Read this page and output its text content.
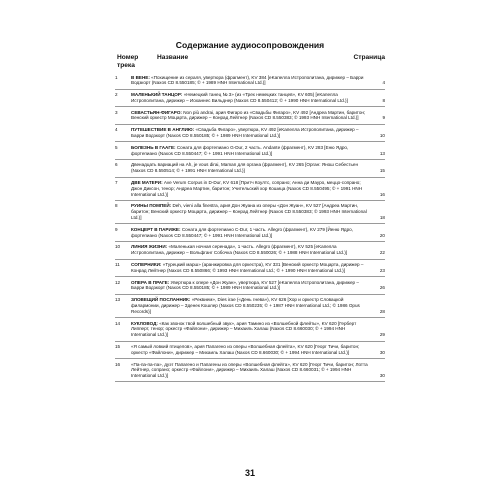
Содержание аудиосопровождения
Номер
трека
Название	Страница
1	В ВЕНЕ: «Похищение из сераля, увертюра (фрагмент), KV 384 [eKапелла Истрополитана, дирижер – Барри Водзкорт (Naxos CD 8.550185; © + 1989 HNH International Ltd.)]	4
2	МАЛЕНЬКИЙ ТАНЦОР: «Немецкий танец № 3» (из «Трех немецких танцев», KV 605) [eKапелла Истрополитана, дирижер – Иоханнес Вильднер (Naxos CD 8.550412; © + 1990 HNH International Ltd.)]	8
3	СЕВАСТЬЯН-ФИГАРО: Non più andrai, ария Фигаро из «Свадьбы Фигаро», KV 492 [Андреа Мартин, баритон; Венский оркестр Моцарта, дирижер – Конрад Лейтнер (Naxos CD 8.550383; © 1993 HNH International Ltd.)]	9
4	ПУТЕШЕСТВИЕ В АНГЛИЮ: «Свадьба Фигаро», увертюра, KV 492 [eKапелла Истрополитана, дирижер – Барри Водзкорт (Naxos CD 8.550185; © + 1989 HNH International Ltd.)]	10
5	БОЛЕЗНЬ В ГААГЕ: Соната для фортепиано G-Dur, 2 часть. Andante (фрагмент), KV 283 [Еню Ядро, фортепиано (Naxos CD 8.550447; © + 1991 HNH International Ltd.)]	13
6	Двенадцать вариаций на Ah, je vous dirai, Maman для органа (фрагмент), KV 265 [Орган: Янош Себестьен (Naxos CD 8.550514; © + 1991 HNH International Ltd.)]	15
7	ДВЕ МАТЕРИ: Ave Verum Corpus in D-Dur, KV 618 [Притч Коултс, сопрано; Анна ди Мауро, меццо-сопрано; Джон Диксон, тенор; Андреа Мартин, баритон; Учительский хор Кошица (Naxos CD 8.550495; © + 1991 HNH International Ltd.)]	16
8	РУИНЫ ПОМПЕЙ: Deh, vieni alla finestra, ария Дон Жуана из оперы «Дон Жуан», KV 527 [Андреа Мартин, баритон; Венский оркестр Моцарта, дирижер – Конрад Лейтнер (Naxos CD 8.550383; © 1993 HNH International Ltd.)]	18
9	КОНЦЕРТ В ПАРИЖЕ: Соната для фортепиано C-Dur, 1 часть. Allegro (фрагмент), KV 279 [Йеню Ядро, фортепиано (Naxos CD 8.550447; © + 1991 HNH International Ltd.)]	20
10	ЛИНИЯ ЖИЗНИ: «Маленькая ночная серенада», 1 часть. Allegro (фрагмент), KV 525 [eKапелла Истрополитана, дирижер – Вольфганг Собочка (Naxos CD 8.550026; © + 1988 HNH International Ltd.)]	22
11	СОПЕРНИКИ: «Турецкий марш» (аранжировка для оркестра), KV 331 [Венский оркестр Моцарта, дирижер – Конрад Лейтнер (Naxos CD 8.550866; © 1993 HNH International Ltd.; © + 1990 HNH International Ltd.)]	23
12	ОПЕРА В ПРАГЕ: Увертюра к опере «Дон Жуан», увертюра, KV 527 [eKапелла Истрополитана, дирижер – Барри Водзкорт (Naxos CD 8.550185; © + 1989 HNH International Ltd.)]	26
13	ЗЛОВЕЩИЙ ПОСЛАННИК: «Реквием», Dies irae («День гнева»), KV 626 [Хор и оркестр Словацкой филармонии, дирижер – Зденек Кошлер (Naxos CD 8.550235; © + 1987 HNH International Ltd.; © 1986 Opus Records)]	28
14	КУКЛОВОД: «Как звонок твой волшебный звук», ария Тамино из «Волшебной флейты», KV 620 [Герберт Липперт, тенор; оркестр «Файлони», дирижер – Михаиль Халаш (Naxos CD 8.660030; © + 1994 HNH International Ltd.)]	29
15	«Я самый ловкий птицелов», ария Папагено из оперы «Волшебная флейта», KV 620 [Георг Тичи, баритон; оркестр «Файлони», дирижер – Михаиль Халаш (Naxos CD 8.660030; © + 1994 HNH International Ltd.)]	30
16	«Па-па-па-па», дуэт Папагено и Папагены из оперы «Волшебная флейта», KV 620 [Георг Тичи, баритон; Лотта Лейтнер, сопрано; оркестр «Файлони», дирижер – Михаиль Халаш (Naxos CD 8.660031; © + 1994 HNH International Ltd.)]	30
31
